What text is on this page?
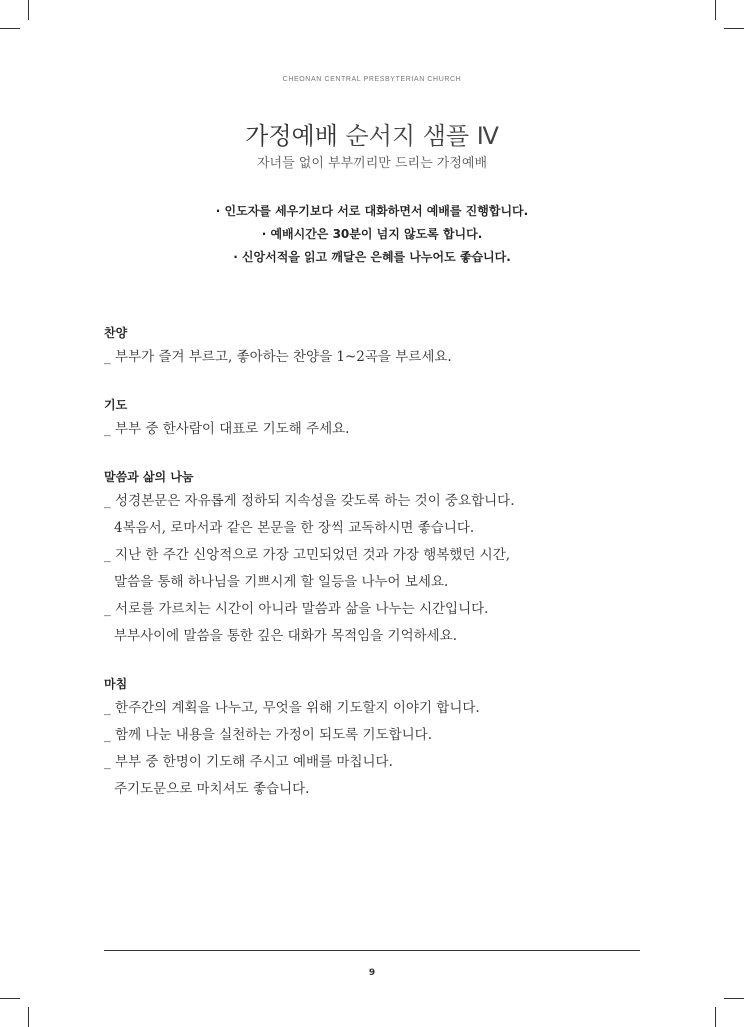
CHEONAN CENTRAL PRESBYTERIAN CHURCH
가정예배 순서지 샘플 Ⅳ
자녀들 없이 부부끼리만 드리는 가정예배
· 인도자를 세우기보다 서로 대화하면서 예배를 진행합니다.
· 예배시간은 30분이 넘지 않도록 합니다.
· 신앙서적을 읽고 깨달은 은혜를 나누어도 좋습니다.
찬양
_ 부부가 즐겨 부르고, 좋아하는 찬양을 1~2곡을 부르세요.
기도
_ 부부 중 한사람이 대표로 기도해 주세요.
말씀과 삶의 나눔
_ 성경본문은 자유롭게 정하되 지속성을 갖도록 하는 것이 중요합니다.
4복음서, 로마서과 같은 본문을 한 장씩 교독하시면 좋습니다.
_ 지난 한 주간 신앙적으로 가장 고민되었던 것과 가장 행복했던 시간,
말씀을 통해 하나님을 기쁘시게 할 일등을 나누어 보세요.
_ 서로를 가르치는 시간이 아니라 말씀과 삶을 나누는 시간입니다.
부부사이에 말씀을 통한 깊은 대화가 목적임을 기억하세요.
마침
_ 한주간의 계획을 나누고, 무엇을 위해 기도할지 이야기 합니다.
_ 함께 나눈 내용을 실천하는 가정이 되도록 기도합니다.
_ 부부 중 한명이 기도해 주시고 예배를 마칩니다.
주기도문으로 마치셔도 좋습니다.
9
